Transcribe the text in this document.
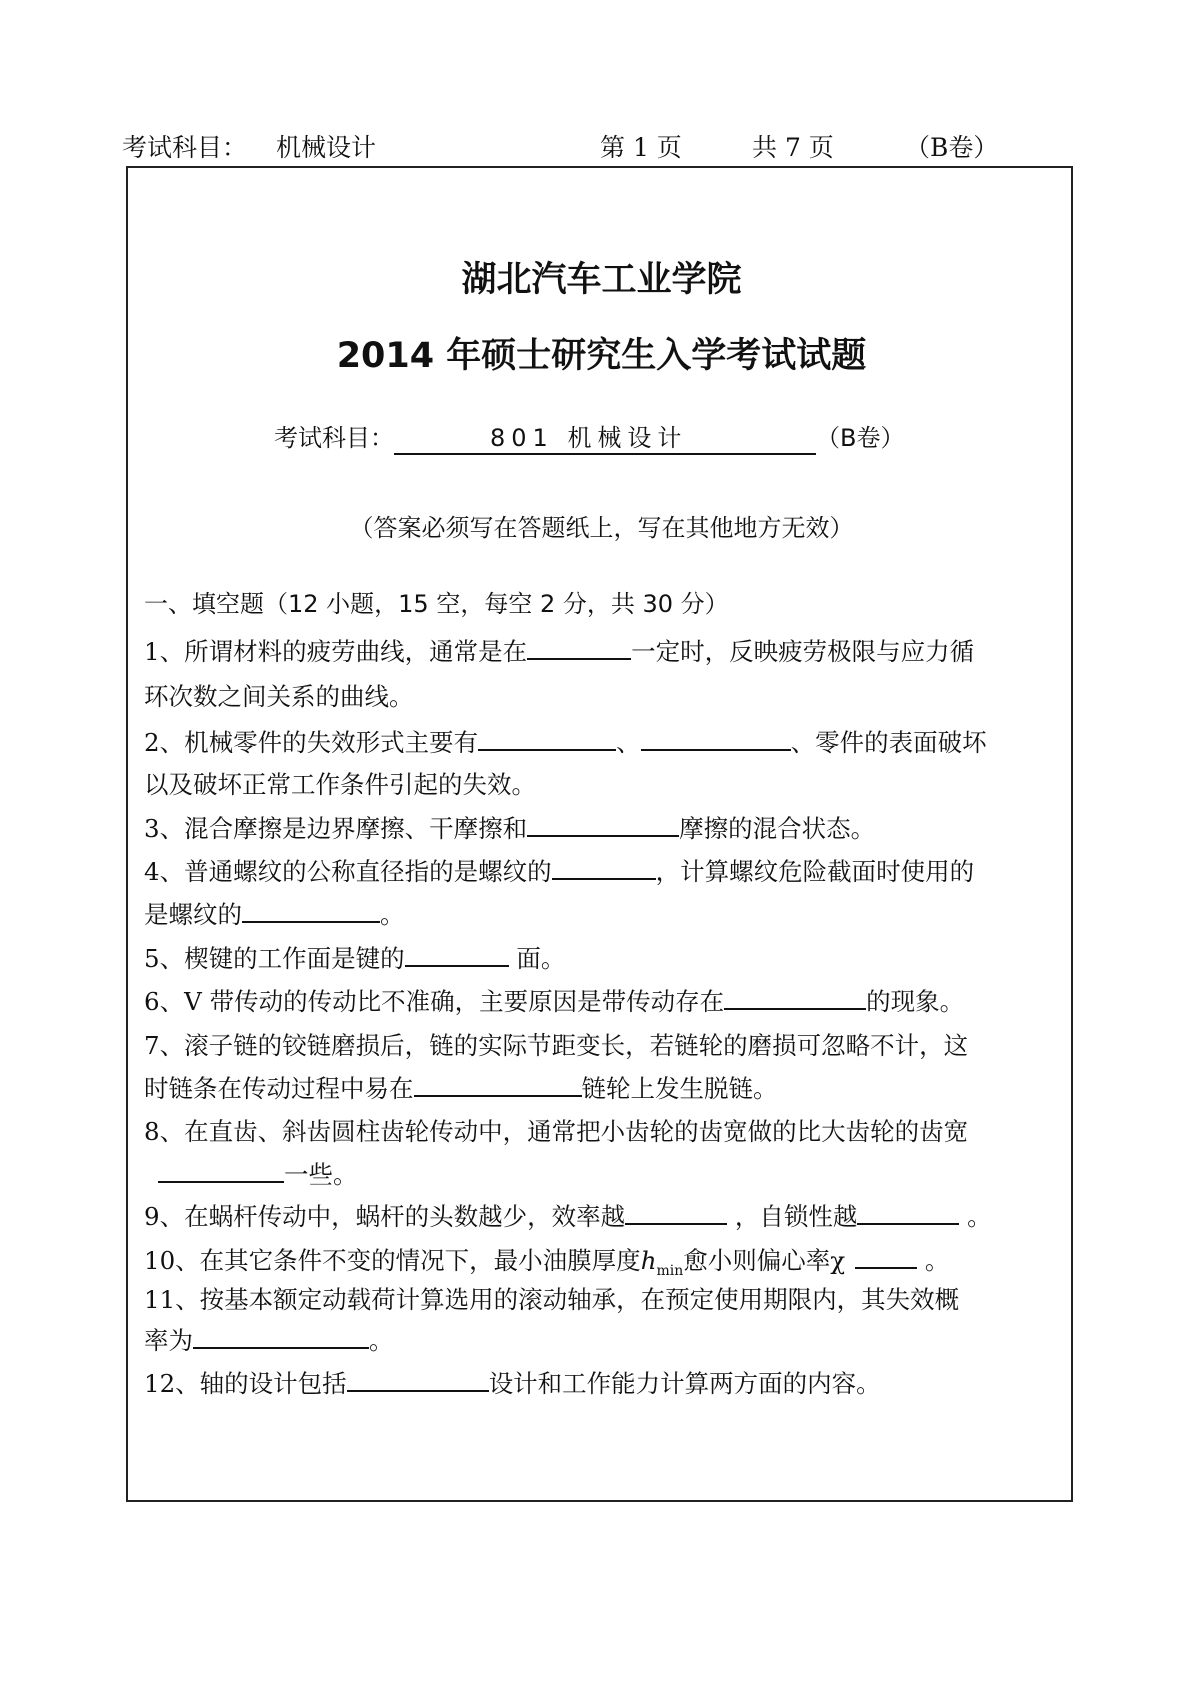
考试科目： 机械设计	第 1 页	共 7 页	（B卷）
湖北汽车工业学院
2014 年硕士研究生入学考试试题
考试科目：	801 机械设计	（B卷）
（答案必须写在答题纸上，写在其他地方无效）
一、填空题（12 小题，15 空，每空 2 分，共 30 分）
1、所谓材料的疲劳曲线，通常是在	一定时，反映疲劳极限与应力循
环次数之间关系的曲线。
2、机械零件的失效形式主要有	、	、零件的表面破坏
以及破坏正常工作条件引起的失效。
3、混合摩擦是边界摩擦、干摩擦和	摩擦的混合状态。
4、普通螺纹的公称直径指的是螺纹的	，计算螺纹危险截面时使用的
是螺纹的	。
5、楔键的工作面是键的	面。
6、V 带传动的传动比不准确，主要原因是带传动存在	的现象。
7、滚子链的铰链磨损后，链的实际节距变长，若链轮的磨损可忽略不计，这
时链条在传动过程中易在	链轮上发生脱链。
8、在直齿、斜齿圆柱齿轮传动中，通常把小齿轮的齿宽做的比大齿轮的齿宽
一些。
9、在蜗杆传动中，蜗杆的头数越少，效率越	，自锁性越	。
10、在其它条件不变的情况下，最小油膜厚度$h_{min}$愈小则偏心率χ	。
11、按基本额定动载荷计算选用的滚动轴承，在预定使用期限内，其失效概
率为	。
12、轴的设计包括	设计和工作能力计算两方面的内容。
